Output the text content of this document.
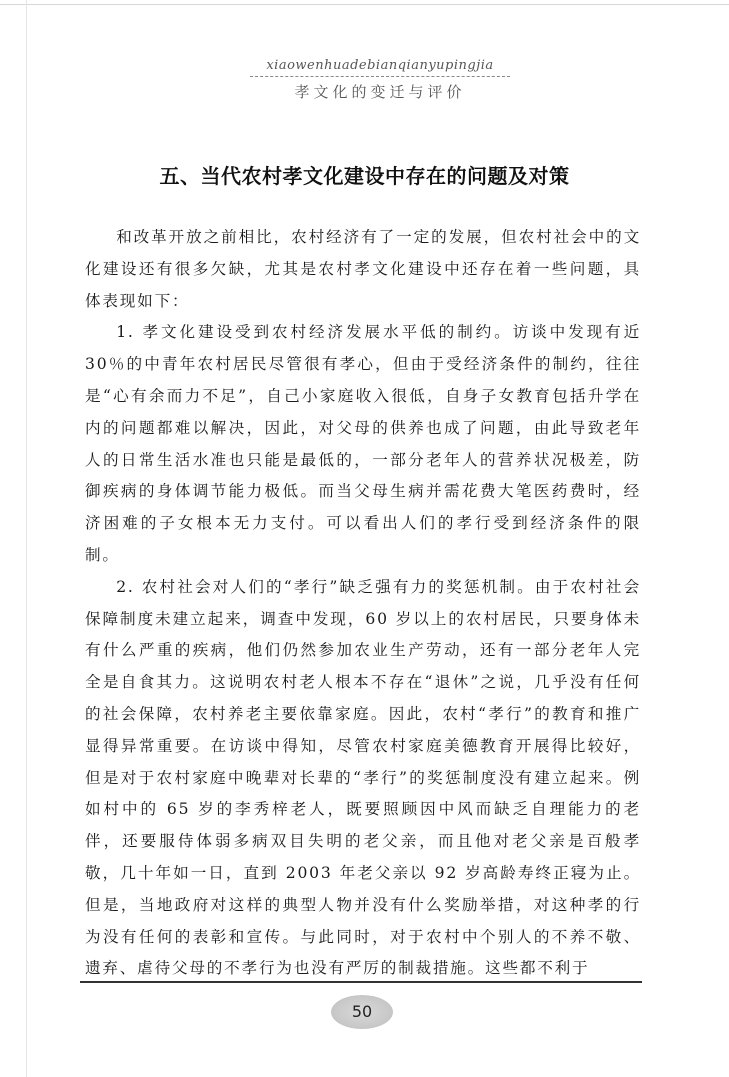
xiaowenhuadebianqianyupingjia
孝文化的变迁与评价
五、当代农村孝文化建设中存在的问题及对策

和改革开放之前相比，农村经济有了一定的发展，但农村社会中的文化建设还有很多欠缺，尤其是农村孝文化建设中还存在着一些问题，具体表现如下：

1. 孝文化建设受到农村经济发展水平低的制约。访谈中发现有近 30％的中青年农村居民尽管很有孝心，但由于受经济条件的制约，往往是“心有余而力不足”，自己小家庭收入很低，自身子女教育包括升学在内的问题都难以解决，因此，对父母的供养也成了问题，由此导致老年人的日常生活水准也只能是最低的，一部分老年人的营养状况极差，防御疾病的身体调节能力极低。而当父母生病并需花费大笔医药费时，经济困难的子女根本无力支付。可以看出人们的孝行受到经济条件的限制。

2. 农村社会对人们的“孝行”缺乏强有力的奖惩机制。由于农村社会保障制度未建立起来，调查中发现，60 岁以上的农村居民，只要身体未有什么严重的疾病，他们仍然参加农业生产劳动，还有一部分老年人完全是自食其力。这说明农村老人根本不存在“退休”之说，几乎没有任何的社会保障，农村养老主要依靠家庭。因此，农村“孝行”的教育和推广显得异常重要。在访谈中得知，尽管农村家庭美德教育开展得比较好，但是对于农村家庭中晚辈对长辈的“孝行”的奖惩制度没有建立起来。例如村中的 65 岁的李秀梓老人，既要照顾因中风而缺乏自理能力的老伴，还要服侍体弱多病双目失明的老父亲，而且他对老父亲是百般孝敬，几十年如一日，直到 2003 年老父亲以 92 岁高龄寿终正寝为止。但是，当地政府对这样的典型人物并没有什么奖励举措，对这种孝的行为没有任何的表彰和宣传。与此同时，对于农村中个别人的不养不敬、遗弃、虐待父母的不孝行为也没有严厉的制裁措施。这些都不利于

50
